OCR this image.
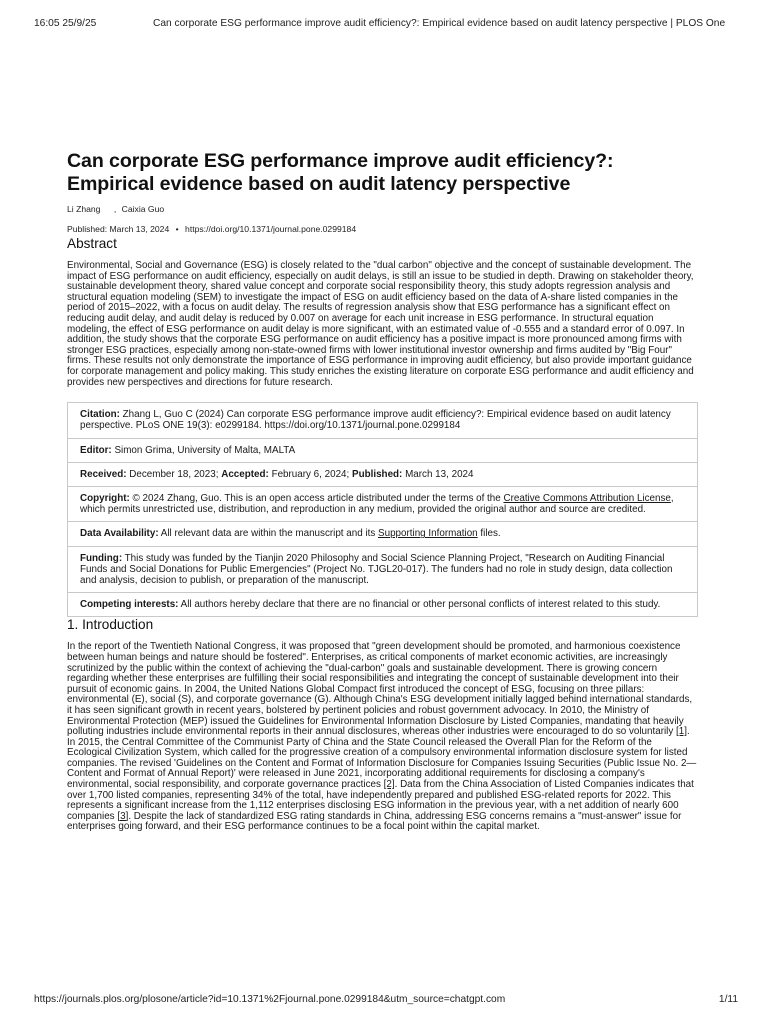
16:05 25/9/25	Can corporate ESG performance improve audit efficiency?: Empirical evidence based on audit latency perspective | PLOS One
Can corporate ESG performance improve audit efficiency?:
Empirical evidence based on audit latency perspective
Li Zhang , Caixia Guo
Published: March 13, 2024 • https://doi.org/10.1371/journal.pone.0299184
Abstract

Environmental, Social and Governance (ESG) is closely related to the "dual carbon" objective and the concept of sustainable development. The impact of ESG performance on audit efficiency, especially on audit delays, is still an issue to be studied in depth. Drawing on stakeholder theory, sustainable development theory, shared value concept and corporate social responsibility theory, this study adopts regression analysis and structural equation modeling (SEM) to investigate the impact of ESG on audit efficiency based on the data of A-share listed companies in the period of 2015–2022, with a focus on audit delay. The results of regression analysis show that ESG performance has a significant effect on reducing audit delay, and audit delay is reduced by 0.007 on average for each unit increase in ESG performance. In structural equation modeling, the effect of ESG performance on audit delay is more significant, with an estimated value of -0.555 and a standard error of 0.097. In addition, the study shows that the corporate ESG performance on audit efficiency has a positive impact is more pronounced among firms with stronger ESG practices, especially among non-state-owned firms with lower institutional investor ownership and firms audited by "Big Four" firms. These results not only demonstrate the importance of ESG performance in improving audit efficiency, but also provide important guidance for corporate management and policy making. This study enriches the existing literature on corporate ESG performance and audit efficiency and provides new perspectives and directions for future research.

Citation: Zhang L, Guo C (2024) Can corporate ESG performance improve audit efficiency?: Empirical evidence based on audit latency perspective. PLoS ONE 19(3): e0299184. https://doi.org/10.1371/journal.pone.0299184
Editor: Simon Grima, University of Malta, MALTA
Received: December 18, 2023; Accepted: February 6, 2024; Published: March 13, 2024
Copyright: © 2024 Zhang, Guo. This is an open access article distributed under the terms of the Creative Commons Attribution License, which permits unrestricted use, distribution, and reproduction in any medium, provided the original author and source are credited.
Data Availability: All relevant data are within the manuscript and its Supporting Information files.
Funding: This study was funded by the Tianjin 2020 Philosophy and Social Science Planning Project, "Research on Auditing Financial Funds and Social Donations for Public Emergencies" (Project No. TJGL20-017). The funders had no role in study design, data collection and analysis, decision to publish, or preparation of the manuscript.
Competing interests: All authors hereby declare that there are no financial or other personal conflicts of interest related to this study.
1. Introduction

In the report of the Twentieth National Congress, it was proposed that "green development should be promoted, and harmonious coexistence between human beings and nature should be fostered". Enterprises, as critical components of market economic activities, are increasingly scrutinized by the public within the context of achieving the "dual-carbon" goals and sustainable development. There is growing concern regarding whether these enterprises are fulfilling their social responsibilities and integrating the concept of sustainable development into their pursuit of economic gains. In 2004, the United Nations Global Compact first introduced the concept of ESG, focusing on three pillars: environmental (E), social (S), and corporate governance (G). Although China's ESG development initially lagged behind international standards, it has seen significant growth in recent years, bolstered by pertinent policies and robust government advocacy. In 2010, the Ministry of Environmental Protection (MEP) issued the Guidelines for Environmental Information Disclosure by Listed Companies, mandating that heavily polluting industries include environmental reports in their annual disclosures, whereas other industries were encouraged to do so voluntarily [1]. In 2015, the Central Committee of the Communist Party of China and the State Council released the Overall Plan for the Reform of the Ecological Civilization System, which called for the progressive creation of a compulsory environmental information disclosure system for listed companies. The revised 'Guidelines on the Content and Format of Information Disclosure for Companies Issuing Securities (Public Issue No. 2—Content and Format of Annual Report)' were released in June 2021, incorporating additional requirements for disclosing a company's environmental, social responsibility, and corporate governance practices [2]. Data from the China Association of Listed Companies indicates that over 1,700 listed companies, representing 34% of the total, have independently prepared and published ESG-related reports for 2022. This represents a significant increase from the 1,112 enterprises disclosing ESG information in the previous year, with a net addition of nearly 600 companies [3]. Despite the lack of standardized ESG rating standards in China, addressing ESG concerns remains a "must-answer" issue for enterprises going forward, and their ESG performance continues to be a focal point within the capital market.

https://journals.plos.org/plosone/article?id=10.1371%2Fjournal.pone.0299184&utm_source=chatgpt.com	1/11
